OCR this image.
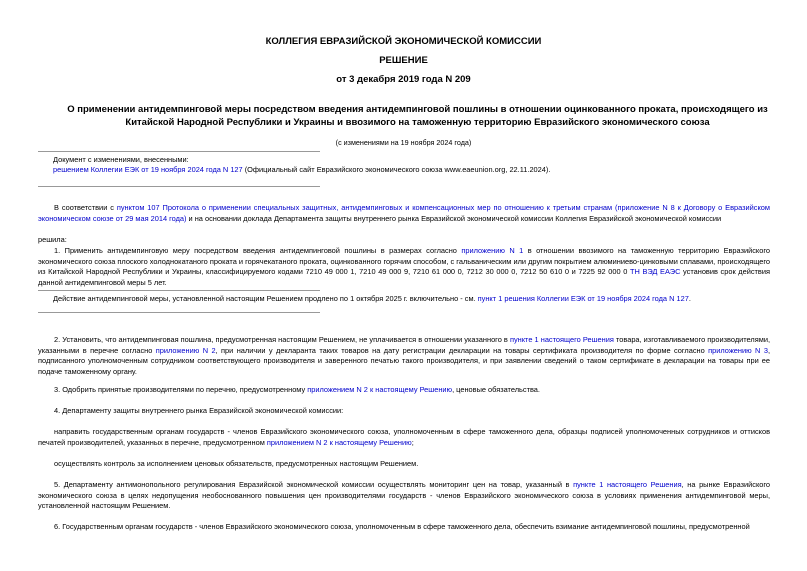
КОЛЛЕГИЯ ЕВРАЗИЙСКОЙ ЭКОНОМИЧЕСКОЙ КОМИССИИ
РЕШЕНИЕ
от 3 декабря 2019 года N 209
О применении антидемпинговой меры посредством введения антидемпинговой пошлины в отношении оцинкованного проката, происходящего из Китайской Народной Республики и Украины и ввозимого на таможенную территорию Евразийского экономического союза
(с изменениями на 19 ноября 2024 года)
Документ с изменениями, внесенными:
решением Коллегии ЕЭК от 19 ноября 2024 года N 127 (Официальный сайт Евразийского экономического союза www.eaeunion.org, 22.11.2024).
В соответствии с пунктом 107 Протокола о применении специальных защитных, антидемпинговых и компенсационных мер по отношению к третьим странам (приложение N 8 к Договору о Евразийском экономическом союзе от 29 мая 2014 года) и на основании доклада Департамента защиты внутреннего рынка Евразийской экономической комиссии Коллегия Евразийской экономической комиссии
решила:
1. Применить антидемпинговую меру посредством введения антидемпинговой пошлины в размерах согласно приложению N 1 в отношении ввозимого на таможенную территорию Евразийского экономического союза плоского холоднокатаного проката и горячекатаного проката, оцинкованного горячим способом, с гальваническим или другим покрытием алюминиево-цинковыми сплавами, происходящего из Китайской Народной Республики и Украины, классифицируемого кодами 7210 49 000 1, 7210 49 000 9, 7210 61 000 0, 7212 30 000 0, 7212 50 610 0 и 7225 92 000 0 ТН ВЭД ЕАЭС установив срок действия данной антидемпинговой меры 5 лет.
Действие антидемпинговой меры, установленной настоящим Решением продлено по 1 октября 2025 г. включительно - см. пункт 1 решения Коллегии ЕЭК от 19 ноября 2024 года N 127.
2. Установить, что антидемпинговая пошлина, предусмотренная настоящим Решением, не уплачивается в отношении указанного в пункте 1 настоящего Решения товара, изготавливаемого производителями, указанными в перечне согласно приложению N 2, при наличии у декларанта таких товаров на дату регистрации декларации на товары сертификата производителя по форме согласно приложению N 3, подписанного уполномоченным сотрудником соответствующего производителя и заверенного печатью такого производителя, и при заявлении сведений о таком сертификате в декларации на товары при ее подаче таможенному органу.
3. Одобрить принятые производителями по перечню, предусмотренному приложением N 2 к настоящему Решению, ценовые обязательства.
4. Департаменту защиты внутреннего рынка Евразийской экономической комиссии:
направить государственным органам государств - членов Евразийского экономического союза, уполномоченным в сфере таможенного дела, образцы подписей уполномоченных сотрудников и оттисков печатей производителей, указанных в перечне, предусмотренном приложением N 2 к настоящему Решению;
осуществлять контроль за исполнением ценовых обязательств, предусмотренных настоящим Решением.
5. Департаменту антимонопольного регулирования Евразийской экономической комиссии осуществлять мониторинг цен на товар, указанный в пункте 1 настоящего Решения, на рынке Евразийского экономического союза в целях недопущения необоснованного повышения цен производителями государств - членов Евразийского экономического союза в условиях применения антидемпинговой меры, установленной настоящим Решением.
6. Государственным органам государств - членов Евразийского экономического союза, уполномоченным в сфере таможенного дела, обеспечить взимание антидемпинговой пошлины, предусмотренной
